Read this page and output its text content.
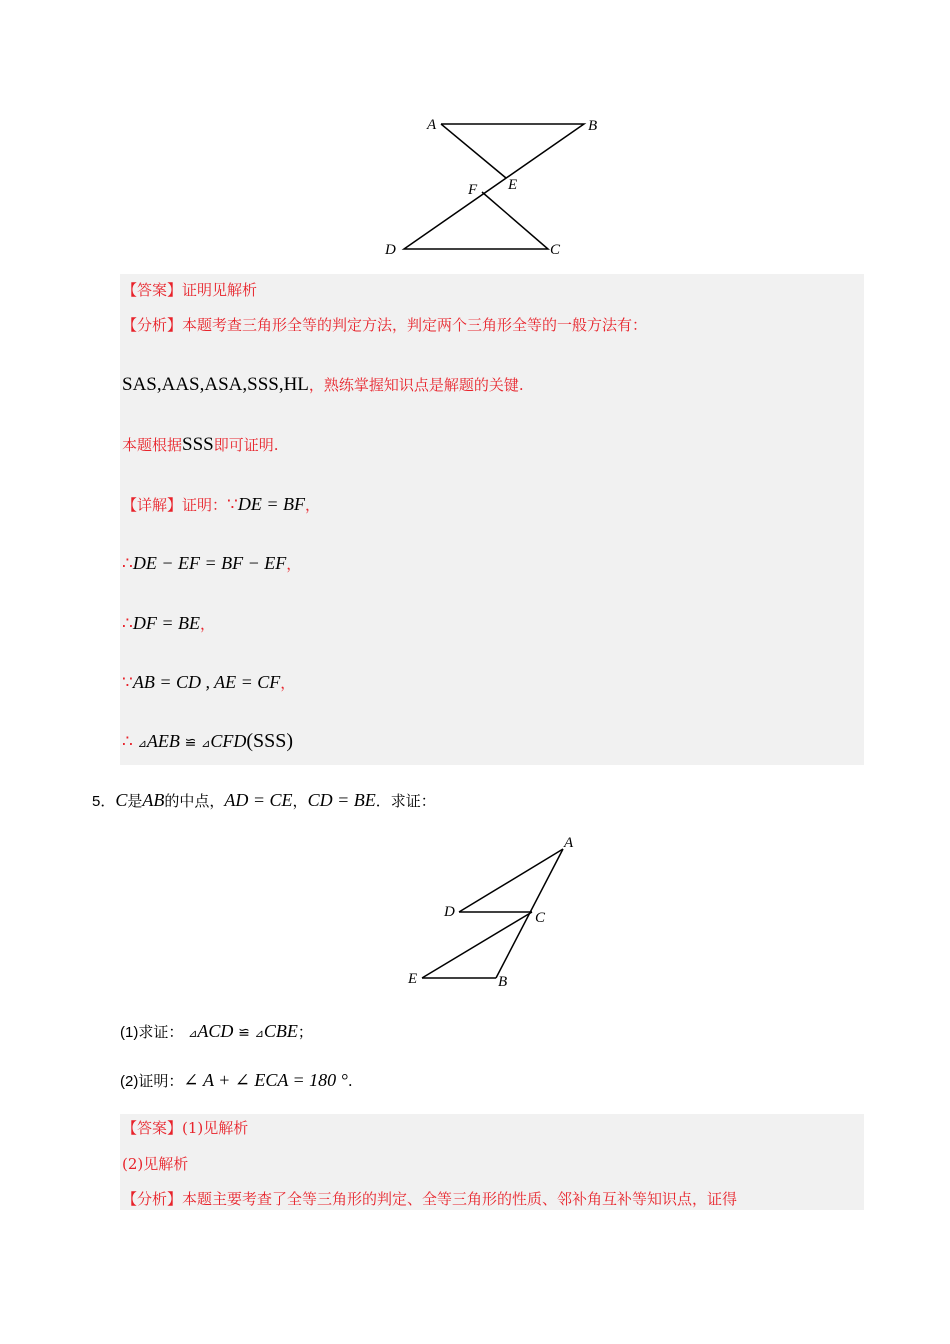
A	B
E
F
D	C
【答案】证明见解析
【分析】本题考查三角形全等的判定方法，判定两个三角形全等的一般方法有：
SAS,AAS,ASA,SSS,HL，熟练掌握知识点是解题的关键.
本题根据SSS即可证明.
【详解】证明：∵DE = BF，
∴DE − EF = BF − EF，
∴DF = BE，
∵AB = CD , AE = CF，
∴ ⊿AEB ≌ ⊿CFD(SSS)
5．C是AB的中点，AD = CE，CD = BE．求证：
A
D	C
E	B
(1)求证： ⊿ACD ≌ ⊿CBE；
(2)证明：∠ A + ∠ ECA = 180 °.
【答案】(1)见解析
(2)见解析
【分析】本题主要考查了全等三角形的判定、全等三角形的性质、邻补角互补等知识点，证得
